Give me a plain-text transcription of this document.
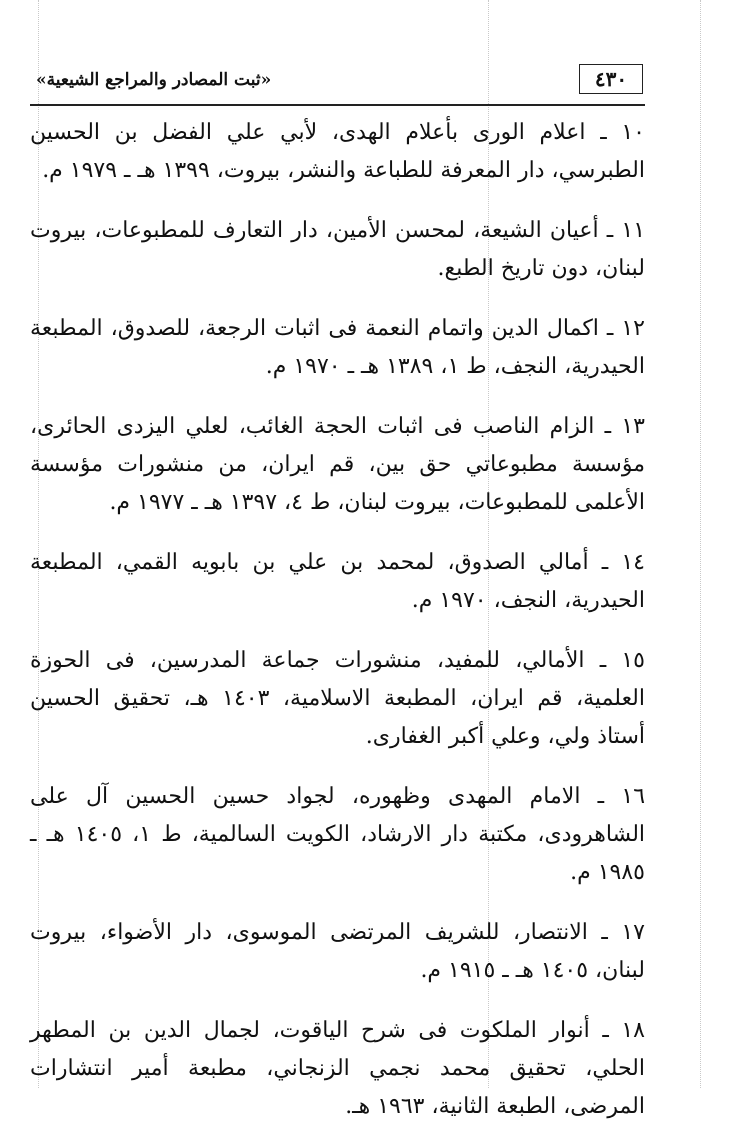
٤٣٠
«ثبت المصادر والمراجع الشيعية»

١٠ ـ اعلام الورى بأعلام الهدى، لأبي علي الفضل بن الحسين الطبرسي، دار المعرفة للطباعة والنشر، بيروت، ١٣٩٩ هـ ـ ١٩٧٩ م.

١١ ـ أعيان الشيعة، لمحسن الأمين، دار التعارف للمطبوعات، بيروت لبنان، دون تاريخ الطبع.

١٢ ـ اكمال الدين واتمام النعمة فى اثبات الرجعة، للصدوق، المطبعة الحيدرية، النجف، ط ١، ١٣٨٩ هـ ـ ١٩٧٠ م.

١٣ ـ الزام الناصب فى اثبات الحجة الغائب، لعلي اليزدى الحائرى، مؤسسة مطبوعاتي حق بين، قم ايران، من منشورات مؤسسة الأعلمى للمطبوعات، بيروت لبنان، ط ٤، ١٣٩٧ هـ ـ ١٩٧٧ م.

١٤ ـ أمالي الصدوق، لمحمد بن علي بن بابويه القمي، المطبعة الحيدرية، النجف، ١٩٧٠ م.

١٥ ـ الأمالي، للمفيد، منشورات جماعة المدرسين، فى الحوزة العلمية، قم ايران، المطبعة الاسلامية، ١٤٠٣ هـ، تحقيق الحسين أستاذ ولي، وعلي أكبر الغفارى.

١٦ ـ الامام المهدى وظهوره، لجواد حسين الحسين آل على الشاهرودى، مكتبة دار الارشاد، الكويت السالمية، ط ١، ١٤٠٥ هـ ـ ١٩٨٥ م.

١٧ ـ الانتصار، للشريف المرتضى الموسوى، دار الأضواء، بيروت لبنان، ١٤٠٥ هـ ـ ١٩١٥ م.

١٨ ـ أنوار الملكوت فى شرح الياقوت، لجمال الدين بن المطهر الحلي، تحقيق محمد نجمي الزنجاني، مطبعة أمير انتشارات المرضى، الطبعة الثانية، ١٩٦٣ هـ.
